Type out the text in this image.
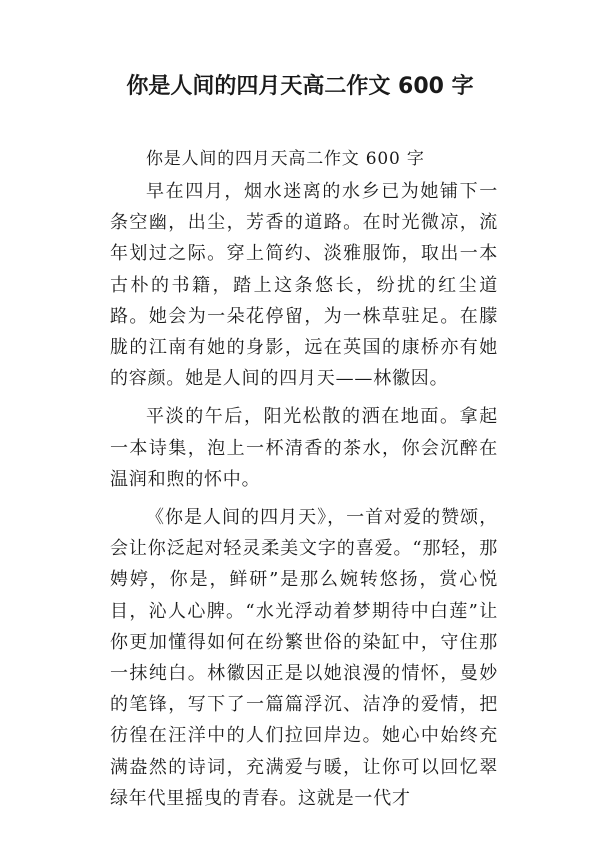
你是人间的四月天高二作文 600 字

你是人间的四月天高二作文 600 字

早在四月，烟水迷离的水乡已为她铺下一条空幽，出尘，芳香的道路。在时光微凉，流年划过之际。穿上简约、淡雅服饰，取出一本古朴的书籍，踏上这条悠长，纷扰的红尘道路。她会为一朵花停留，为一株草驻足。在朦胧的江南有她的身影，远在英国的康桥亦有她的容颜。她是人间的四月天——林徽因。

平淡的午后，阳光松散的洒在地面。拿起一本诗集，泡上一杯清香的茶水，你会沉醉在温润和煦的怀中。

《你是人间的四月天》，一首对爱的赞颂，会让你泛起对轻灵柔美文字的喜爱。“那轻，那娉婷，你是，鲜研”是那么婉转悠扬，赏心悦目，沁人心脾。“水光浮动着梦期待中白莲”让你更加懂得如何在纷繁世俗的染缸中，守住那一抹纯白。林徽因正是以她浪漫的情怀，曼妙的笔锋，写下了一篇篇浮沉、洁净的爱情，把彷徨在汪洋中的人们拉回岸边。她心中始终充满盎然的诗词，充满爱与暖，让你可以回忆翠绿年代里摇曳的青春。这就是一代才
